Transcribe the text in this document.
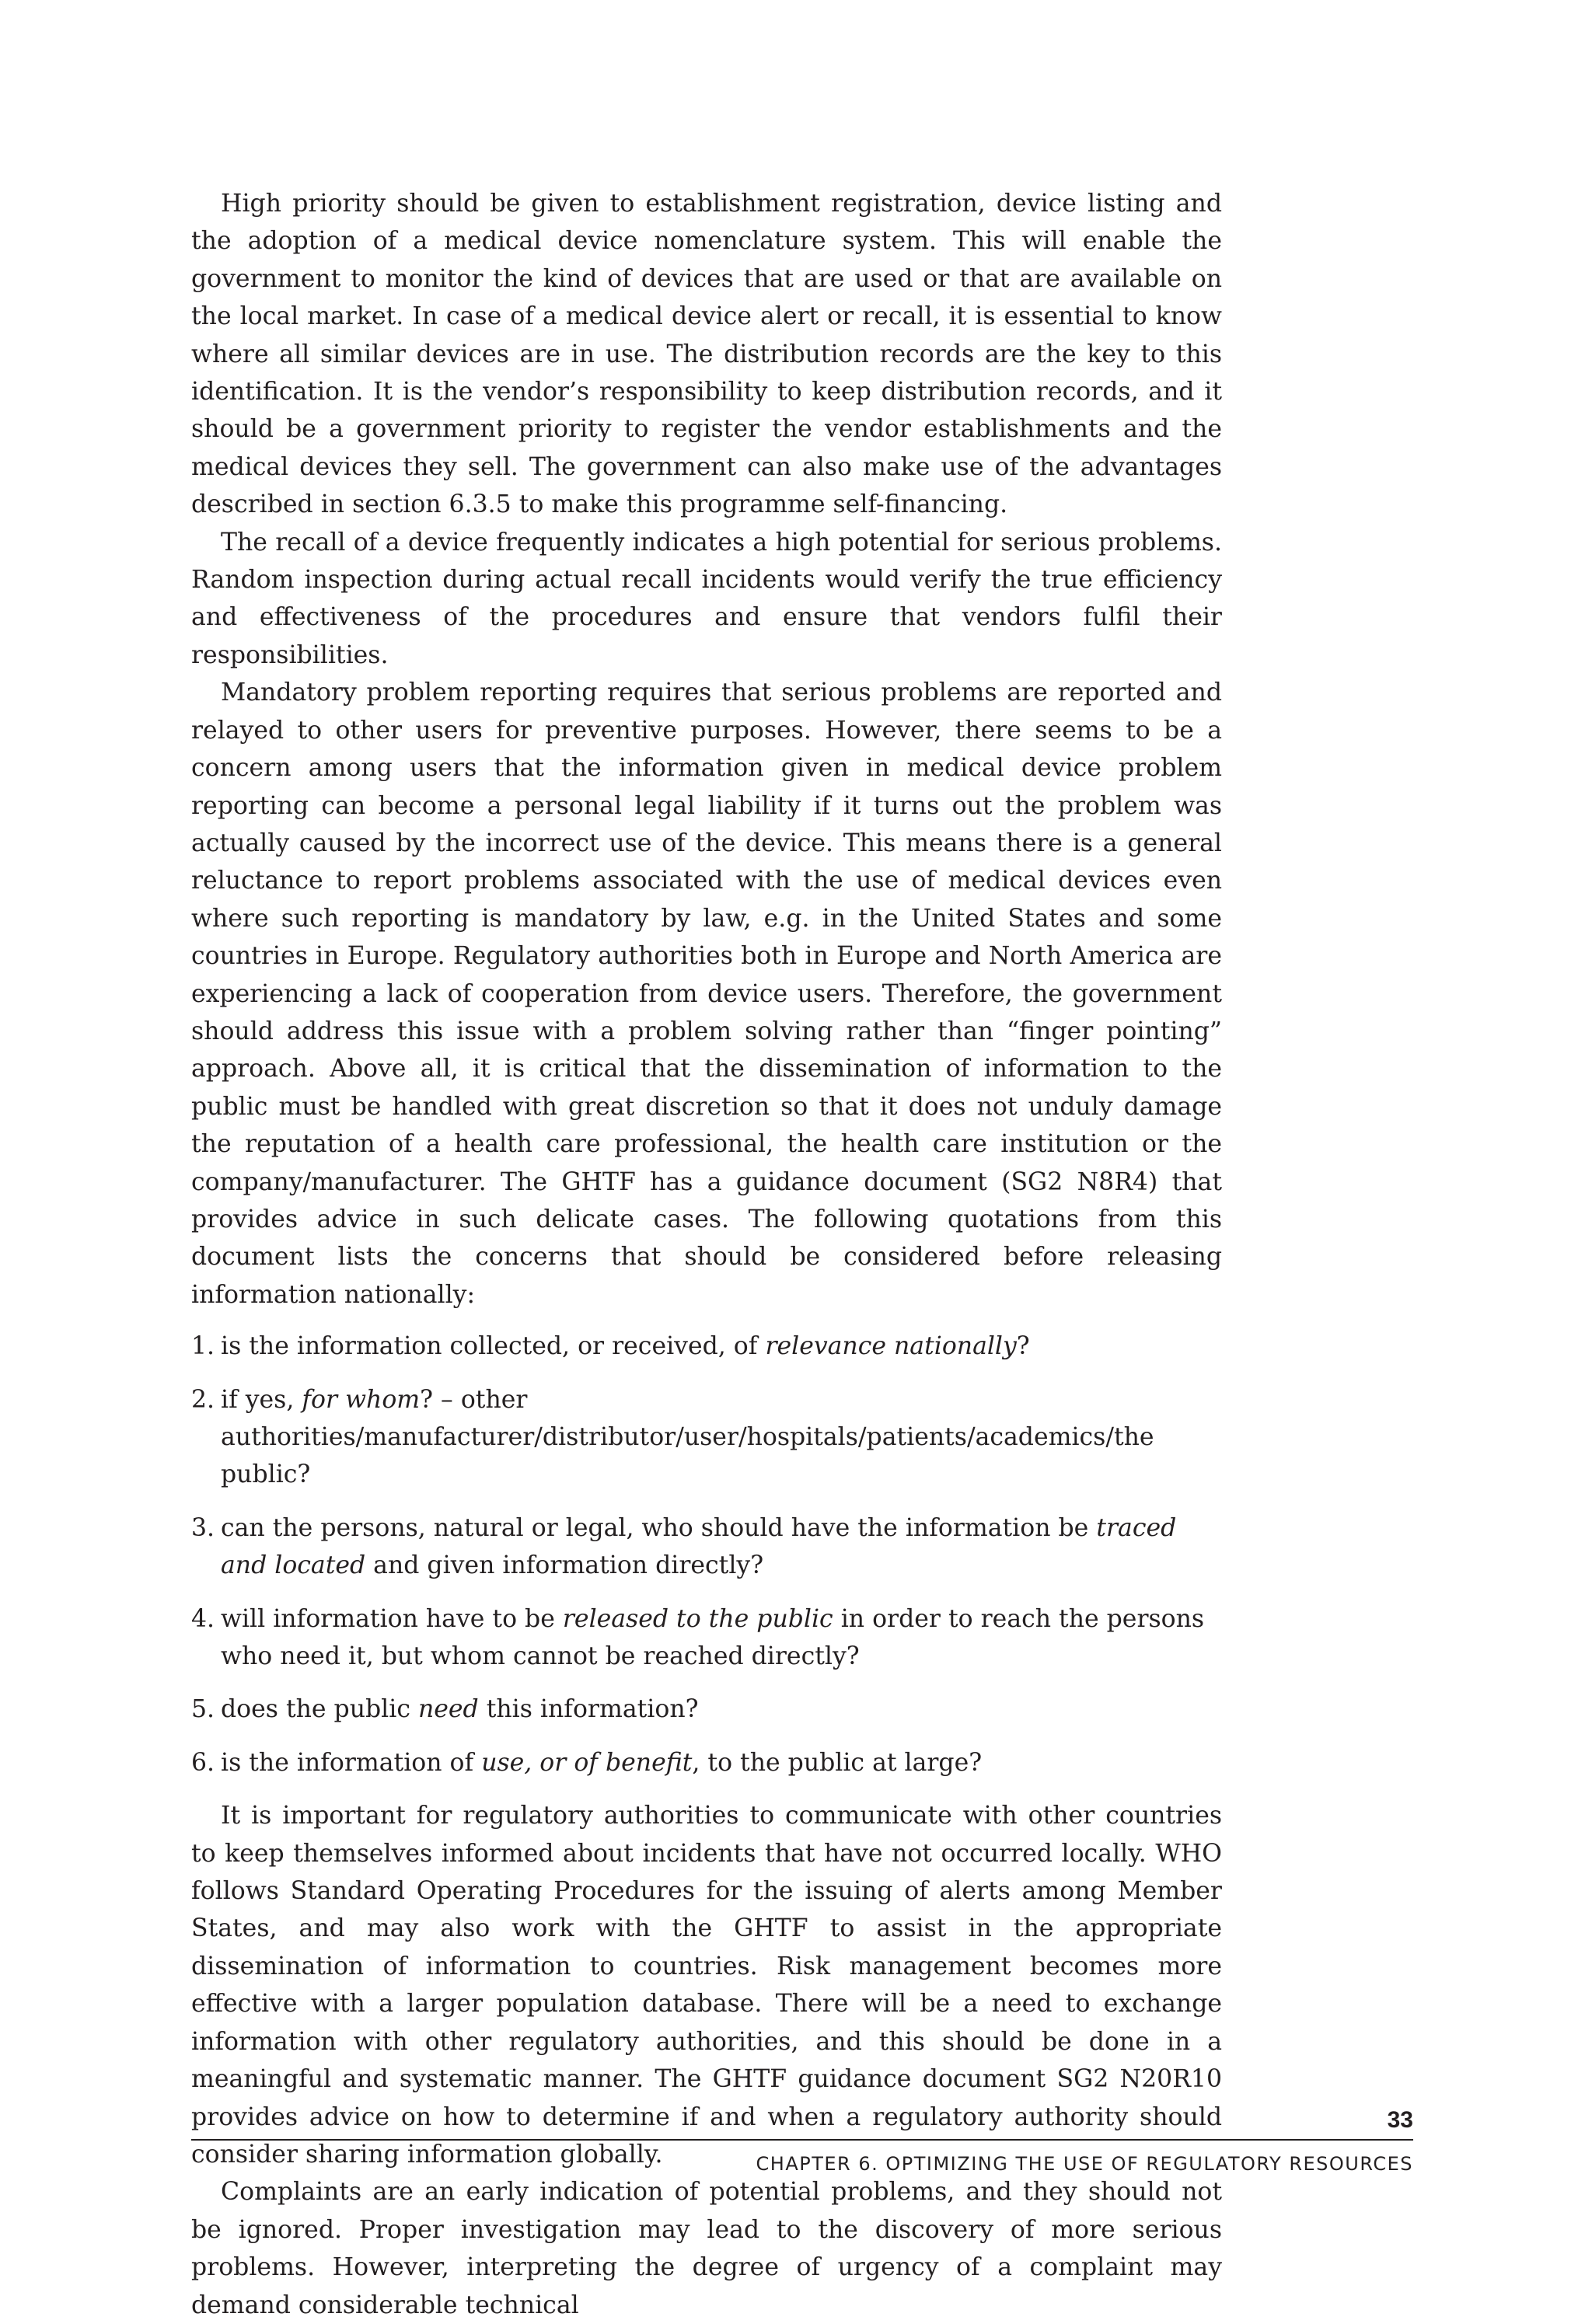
High priority should be given to establishment registration, device listing and the adoption of a medical device nomenclature system. This will enable the government to monitor the kind of devices that are used or that are available on the local market. In case of a medical device alert or recall, it is essential to know where all similar devices are in use. The distribution records are the key to this identification. It is the vendor’s responsibility to keep distribution records, and it should be a government priority to register the vendor establishments and the medical devices they sell. The government can also make use of the advantages described in section 6.3.5 to make this programme self-financing.

The recall of a device frequently indicates a high potential for serious problems. Random inspection during actual recall incidents would verify the true efficiency and effectiveness of the procedures and ensure that vendors fulfil their responsibilities.

Mandatory problem reporting requires that serious problems are reported and relayed to other users for preventive purposes. However, there seems to be a concern among users that the information given in medical device problem reporting can become a personal legal liability if it turns out the problem was actually caused by the incorrect use of the device. This means there is a general reluctance to report problems associated with the use of medical devices even where such reporting is mandatory by law, e.g. in the United States and some countries in Europe. Regulatory authorities both in Europe and North America are experiencing a lack of cooperation from device users. Therefore, the government should address this issue with a problem solving rather than “finger pointing” approach. Above all, it is critical that the dissemination of information to the public must be handled with great discretion so that it does not unduly damage the reputation of a health care professional, the health care institution or the company/manufacturer. The GHTF has a guidance document (SG2 N8R4) that provides advice in such delicate cases. The following quotations from this document lists the concerns that should be considered before releasing information nationally:

1. is the information collected, or received, of relevance nationally?
2. if yes, for whom? – other authorities/manufacturer/distributor/user/hospitals/patients/academics/the public?
3. can the persons, natural or legal, who should have the information be traced and located and given information directly?
4. will information have to be released to the public in order to reach the persons who need it, but whom cannot be reached directly?
5. does the public need this information?
6. is the information of use, or of benefit, to the public at large?

It is important for regulatory authorities to communicate with other countries to keep themselves informed about incidents that have not occurred locally. WHO follows Standard Operating Procedures for the issuing of alerts among Member States, and may also work with the GHTF to assist in the appropriate dissemination of information to countries. Risk management becomes more effective with a larger population database. There will be a need to exchange information with other regulatory authorities, and this should be done in a meaningful and systematic manner. The GHTF guidance document SG2 N20R10 provides advice on how to determine if and when a regulatory authority should consider sharing information globally.

Complaints are an early indication of potential problems, and they should not be ignored. Proper investigation may lead to the discovery of more serious problems. However, interpreting the degree of urgency of a complaint may demand considerable technical

33
CHAPTER 6. OPTIMIZING THE USE OF REGULATORY RESOURCES
